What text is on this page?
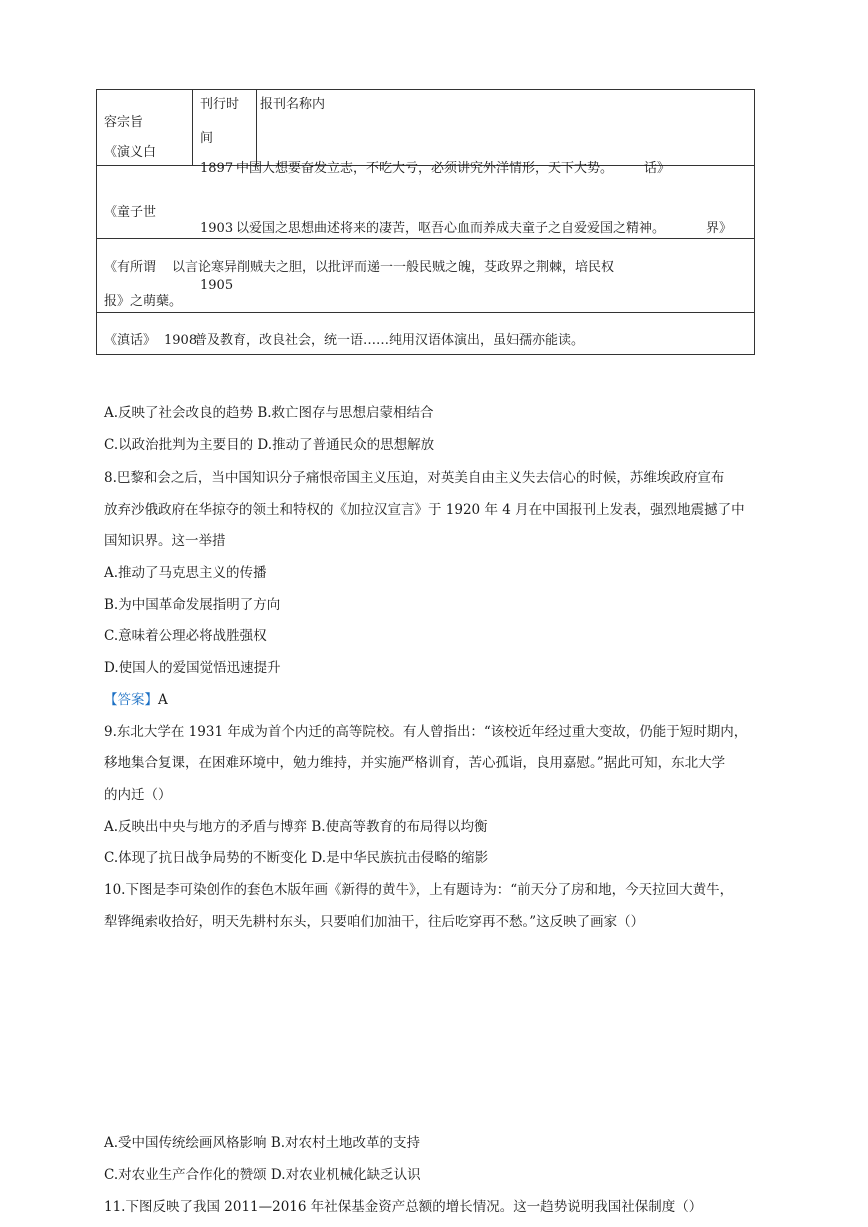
容宗旨
刊行时
间
报刊名称内
《演义白
1897 中国人想要奋发立志，不吃大亏，必须讲究外洋情形，天下大势。 话》
《童子世
1903 以爱国之思想曲述将来的凄苦，呕吾心血而养成夫童子之自爱爱国之精神。	界》
《有所谓 以言论寒异削贼夫之胆，以批评而递一一般民贼之魄，芟政界之荆棘，培民权
1905
报》之萌蘖。
《滇话》 1908
普及教育，改良社会，统一语……纯用汉语体演出，虽妇孺亦能读。
A.反映了社会改良的趋势 B.救亡图存与思想启蒙相结合
C.以政治批判为主要目的 D.推动了普通民众的思想解放
8.巴黎和会之后，当中国知识分子痛恨帝国主义压迫，对英美自由主义失去信心的时候，苏维埃政府宣布
放弃沙俄政府在华掠夺的领土和特权的《加拉汉宣言》于 1920 年 4 月在中国报刊上发表，强烈地震撼了中
国知识界。这一举措
A.推动了马克思主义的传播
B.为中国革命发展指明了方向
C.意味着公理必将战胜强权
D.使国人的爱国觉悟迅速提升
【答案】A
9.东北大学在 1931 年成为首个内迁的高等院校。有人曾指出：“该校近年经过重大变故，仍能于短时期内，
移地集合复课，在困难环境中，勉力维持，并实施严格训育，苦心孤诣，良用嘉慰。”据此可知，东北大学
的内迁（）
A.反映出中央与地方的矛盾与博弈 B.使高等教育的布局得以均衡
C.体现了抗日战争局势的不断变化 D.是中华民族抗击侵略的缩影
10.下图是李可染创作的套色木版年画《新得的黄牛》，上有题诗为：“前天分了房和地，今天拉回大黄牛，
犁铧绳索收拾好，明天先耕村东头，只要咱们加油干，往后吃穿再不愁。”这反映了画家（）
A.受中国传统绘画风格影响 B.对农村土地改革的支持
C.对农业生产合作化的赞颂 D.对农业机械化缺乏认识
11.下图反映了我国 2011—2016 年社保基金资产总额的增长情况。这一趋势说明我国社保制度（）
